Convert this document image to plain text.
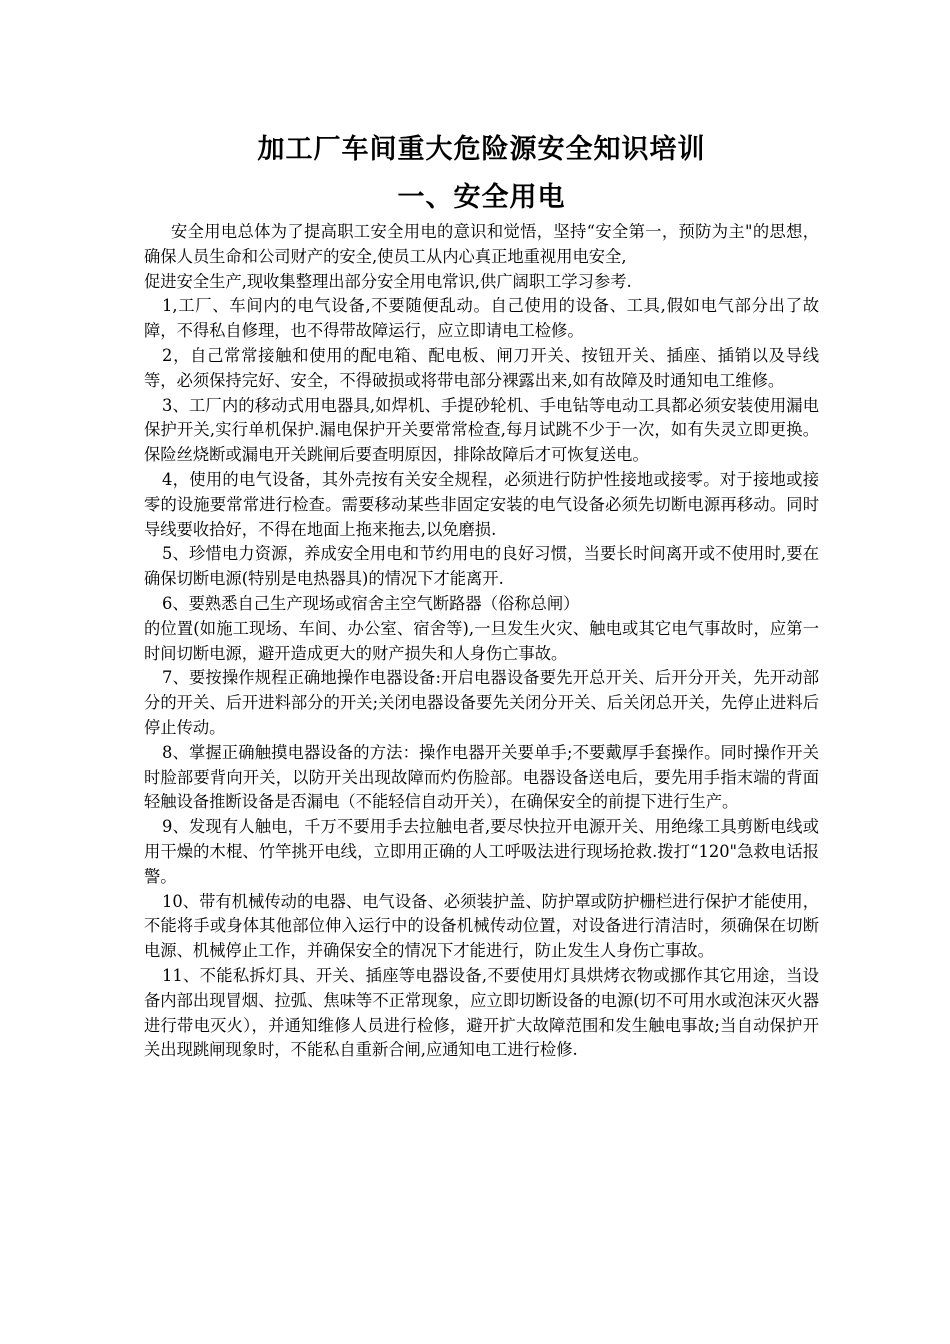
加工厂车间重大危险源安全知识培训
一、安全用电

安全用电总体为了提高职工安全用电的意识和觉悟，坚持“安全第一，预防为主"的思想，确保人员生命和公司财产的安全,使员工从内心真正地重视用电安全,

促进安全生产,现收集整理出部分安全用电常识,供广阔职工学习参考.

1,工厂、车间内的电气设备,不要随便乱动。自己使用的设备、工具,假如电气部分出了故障，不得私自修理，也不得带故障运行，应立即请电工检修。

2，自己常常接触和使用的配电箱、配电板、闸刀开关、按钮开关、插座、插销以及导线等，必须保持完好、安全，不得破损或将带电部分裸露出来,如有故障及时通知电工维修。

3、工厂内的移动式用电器具,如焊机、手提砂轮机、手电钻等电动工具都必须安装使用漏电保护开关,实行单机保护.漏电保护开关要常常检查,每月试跳不少于一次，如有失灵立即更换。保险丝烧断或漏电开关跳闸后要查明原因，排除故障后才可恢复送电。

4，使用的电气设备，其外壳按有关安全规程，必须进行防护性接地或接零。对于接地或接零的设施要常常进行检查。需要移动某些非固定安装的电气设备必须先切断电源再移动。同时导线要收拾好，不得在地面上拖来拖去,以免磨损.

5、珍惜电力资源，养成安全用电和节约用电的良好习惯，当要长时间离开或不使用时,要在确保切断电源(特别是电热器具)的情况下才能离开.

6、要熟悉自己生产现场或宿舍主空气断路器（俗称总闸）

的位置(如施工现场、车间、办公室、宿舍等),一旦发生火灾、触电或其它电气事故时，应第一时间切断电源，避开造成更大的财产损失和人身伤亡事故。

7、要按操作规程正确地操作电器设备:开启电器设备要先开总开关、后开分开关，先开动部分的开关、后开进料部分的开关;关闭电器设备要先关闭分开关、后关闭总开关，先停止进料后停止传动。

8、掌握正确触摸电器设备的方法：操作电器开关要单手;不要戴厚手套操作。同时操作开关时脸部要背向开关，以防开关出现故障而灼伤脸部。电器设备送电后，要先用手指末端的背面轻触设备推断设备是否漏电（不能轻信自动开关），在确保安全的前提下进行生产。

9、发现有人触电，千万不要用手去拉触电者,要尽快拉开电源开关、用绝缘工具剪断电线或用干燥的木棍、竹竿挑开电线，立即用正确的人工呼吸法进行现场抢救.拨打“120"急救电话报警。

10、带有机械传动的电器、电气设备、必须装护盖、防护罩或防护栅栏进行保护才能使用，不能将手或身体其他部位伸入运行中的设备机械传动位置，对设备进行清洁时，须确保在切断电源、机械停止工作，并确保安全的情况下才能进行，防止发生人身伤亡事故。

11、不能私拆灯具、开关、插座等电器设备,不要使用灯具烘烤衣物或挪作其它用途，当设备内部出现冒烟、拉弧、焦味等不正常现象，应立即切断设备的电源(切不可用水或泡沫灭火器进行带电灭火），并通知维修人员进行检修，避开扩大故障范围和发生触电事故;当自动保护开关出现跳闸现象时，不能私自重新合闸,应通知电工进行检修.
